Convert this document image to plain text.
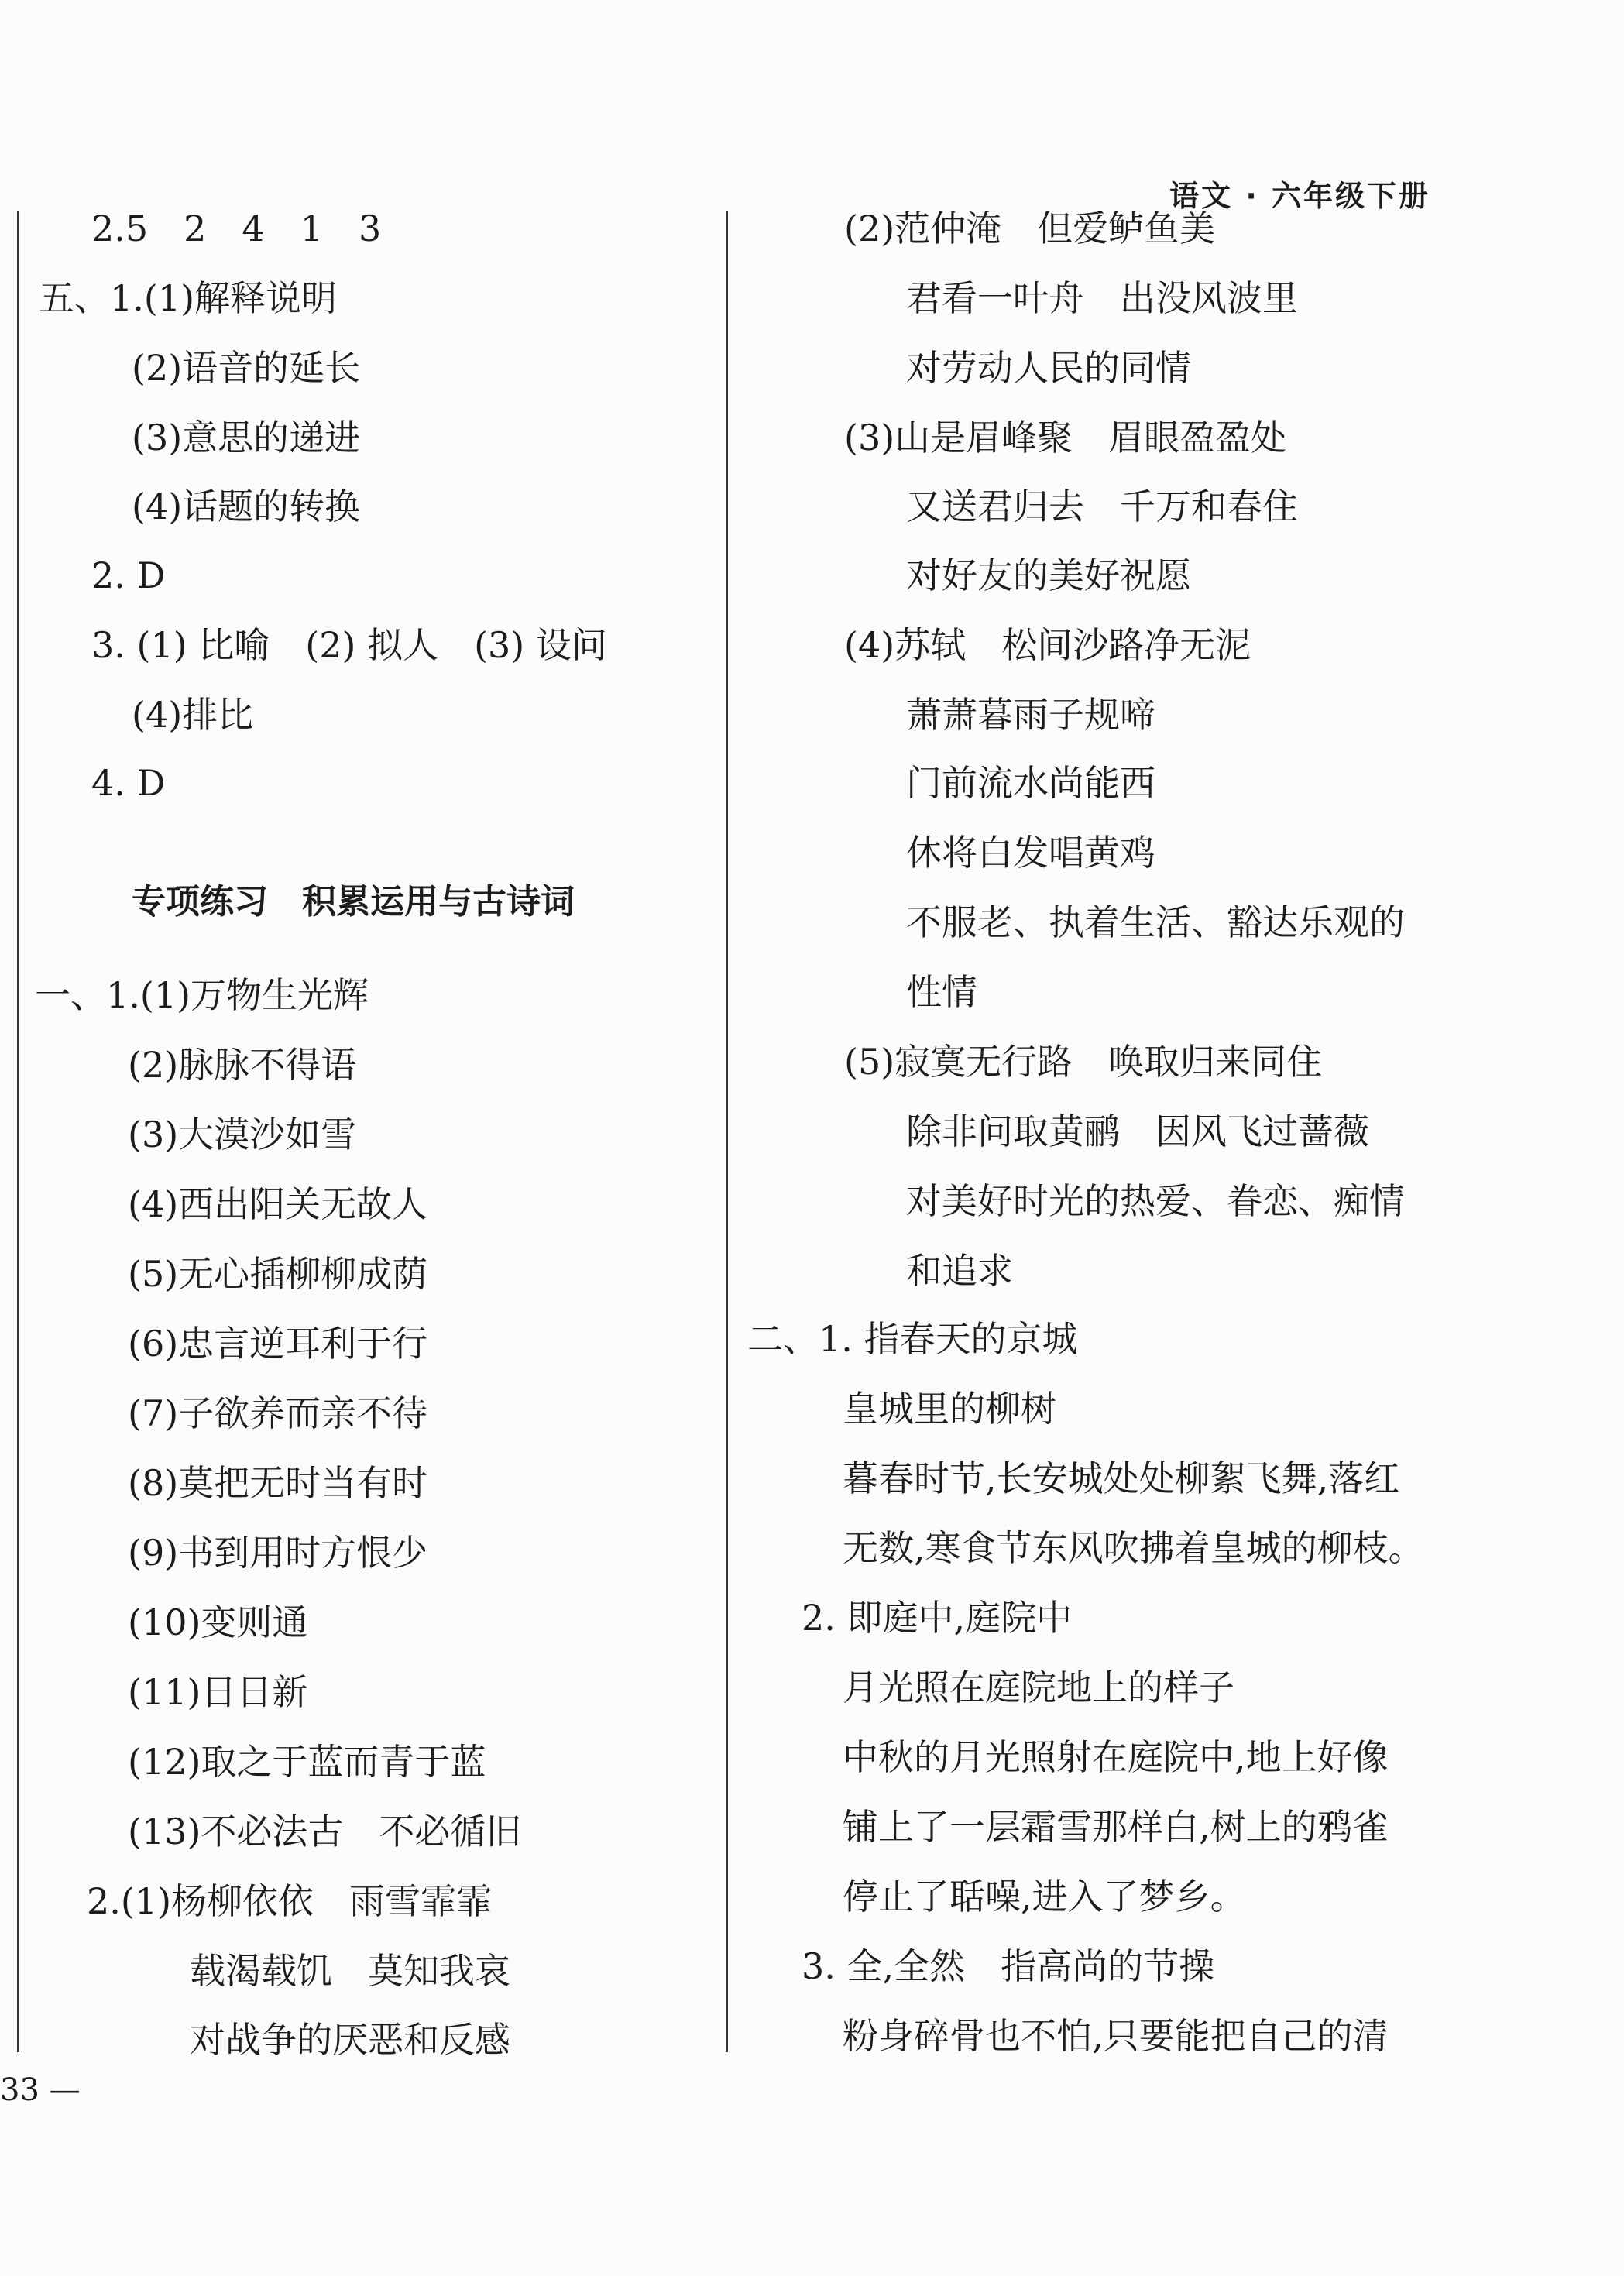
语文 · 六年级下册
2.5　2　4　1　3
五、1.(1)解释说明
(2)语音的延长
(3)意思的递进
(4)话题的转换
2. D
3. (1) 比喻　(2) 拟人　(3) 设问
(4)排比
4. D
一、1.(1)万物生光辉
(2)脉脉不得语
(3)大漠沙如雪
(4)西出阳关无故人
(5)无心插柳柳成荫
(6)忠言逆耳利于行
(7)子欲养而亲不待
(8)莫把无时当有时
(9)书到用时方恨少
(10)变则通
(11)日日新
(12)取之于蓝而青于蓝
(13)不必法古　不必循旧
2.(1)杨柳依依　雨雪霏霏
载渴载饥　莫知我哀
对战争的厌恶和反感
专项练习　积累运用与古诗词
(2)范仲淹　但爱鲈鱼美
君看一叶舟　出没风波里
对劳动人民的同情
(3)山是眉峰聚　眉眼盈盈处
又送君归去　千万和春住
对好友的美好祝愿
(4)苏轼　松间沙路净无泥
萧萧暮雨子规啼
门前流水尚能西
休将白发唱黄鸡
不服老、执着生活、豁达乐观的
性情
(5)寂寞无行路　唤取归来同住
除非问取黄鹂　因风飞过蔷薇
对美好时光的热爱、眷恋、痴情
和追求
二、1. 指春天的京城
皇城里的柳树
暮春时节,长安城处处柳絮飞舞,落红
无数,寒食节东风吹拂着皇城的柳枝。
2. 即庭中,庭院中
月光照在庭院地上的样子
中秋的月光照射在庭院中,地上好像
铺上了一层霜雪那样白,树上的鸦雀
停止了聒噪,进入了梦乡。
3. 全,全然　指高尚的节操
粉身碎骨也不怕,只要能把自己的清
33 —
